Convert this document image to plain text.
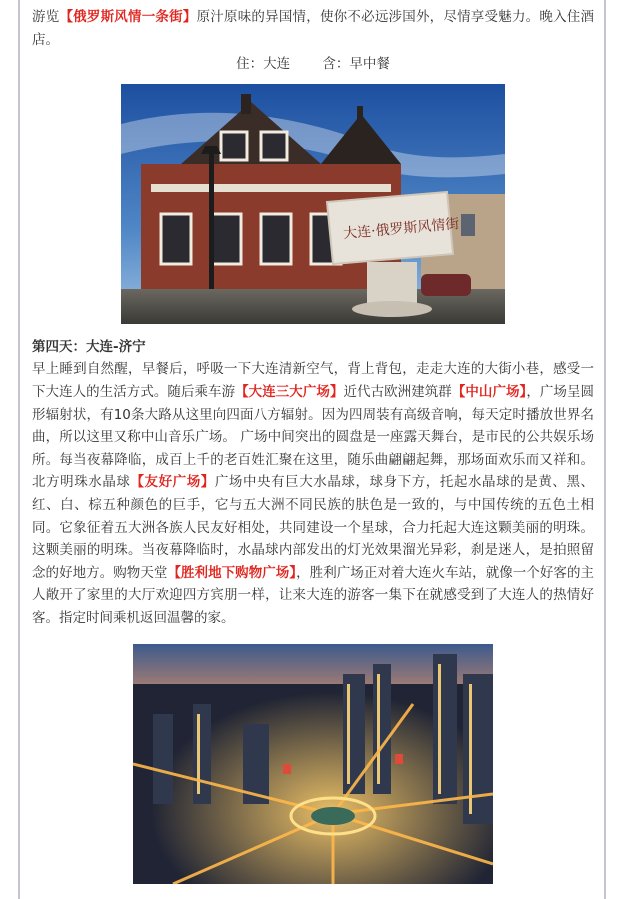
游览【俄罗斯风情一条街】原汁原味的异国情，使你不必远涉国外，尽情享受魅力。晚入住酒店。

住：大连 含：早中餐

大连·俄罗斯风情街

第四天：大连-济宁

早上睡到自然醒，早餐后，呼吸一下大连清新空气，背上背包，走走大连的大街小巷，感受一下大连人的生活方式。随后乘车游【大连三大广场】近代古欧洲建筑群【中山广场】，广场呈圆形辐射状，有10条大路从这里向四面八方辐射。因为四周装有高级音响，每天定时播放世界名曲，所以这里又称中山音乐广场。 广场中间突出的圆盘是一座露天舞台，是市民的公共娱乐场所。每当夜幕降临，成百上千的老百姓汇聚在这里，随乐曲翩翩起舞，那场面欢乐而又祥和。北方明珠水晶球【友好广场】广场中央有巨大水晶球，球身下方，托起水晶球的是黄、黑、红、白、棕五种颜色的巨手，它与五大洲不同民族的肤色是一致的，与中国传统的五色土相同。它象征着五大洲各族人民友好相处，共同建设一个星球，合力托起大连这颗美丽的明珠。这颗美丽的明珠。当夜幕降临时，水晶球内部发出的灯光效果溜光异彩，刹是迷人，是拍照留念的好地方。购物天堂【胜利地下购物广场】，胜利广场正对着大连火车站，就像一个好客的主人敞开了家里的大厅欢迎四方宾朋一样，让来大连的游客一集下在就感受到了大连人的热情好客。指定时间乘机返回温馨的家。
